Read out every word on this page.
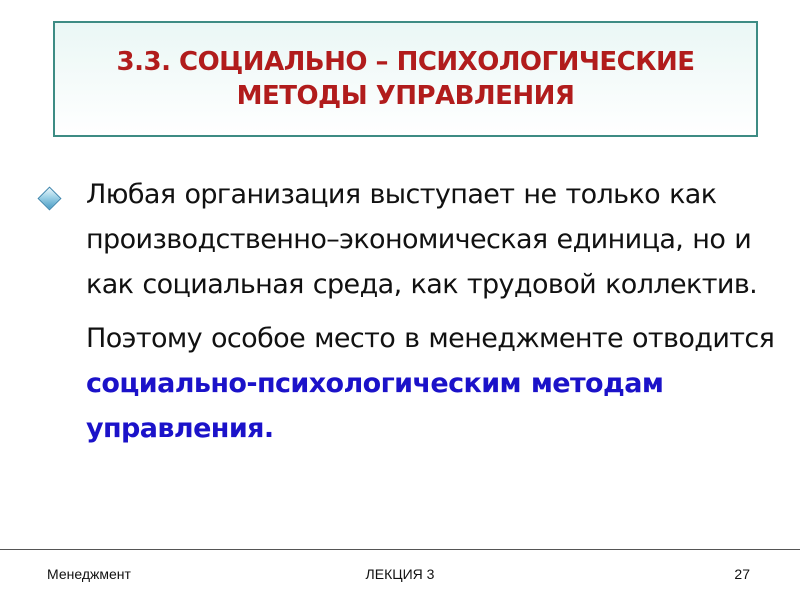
3.3. СОЦИАЛЬНО – ПСИХОЛОГИЧЕСКИЕ
МЕТОДЫ УПРАВЛЕНИЯ

Любая организация выступает не только как производственно–экономическая единица, но и как социальная среда, как трудовой коллектив.

Поэтому особое место в менеджменте отводится социально-психологическим методам управления.

Менеджмент	ЛЕКЦИЯ 3	27
